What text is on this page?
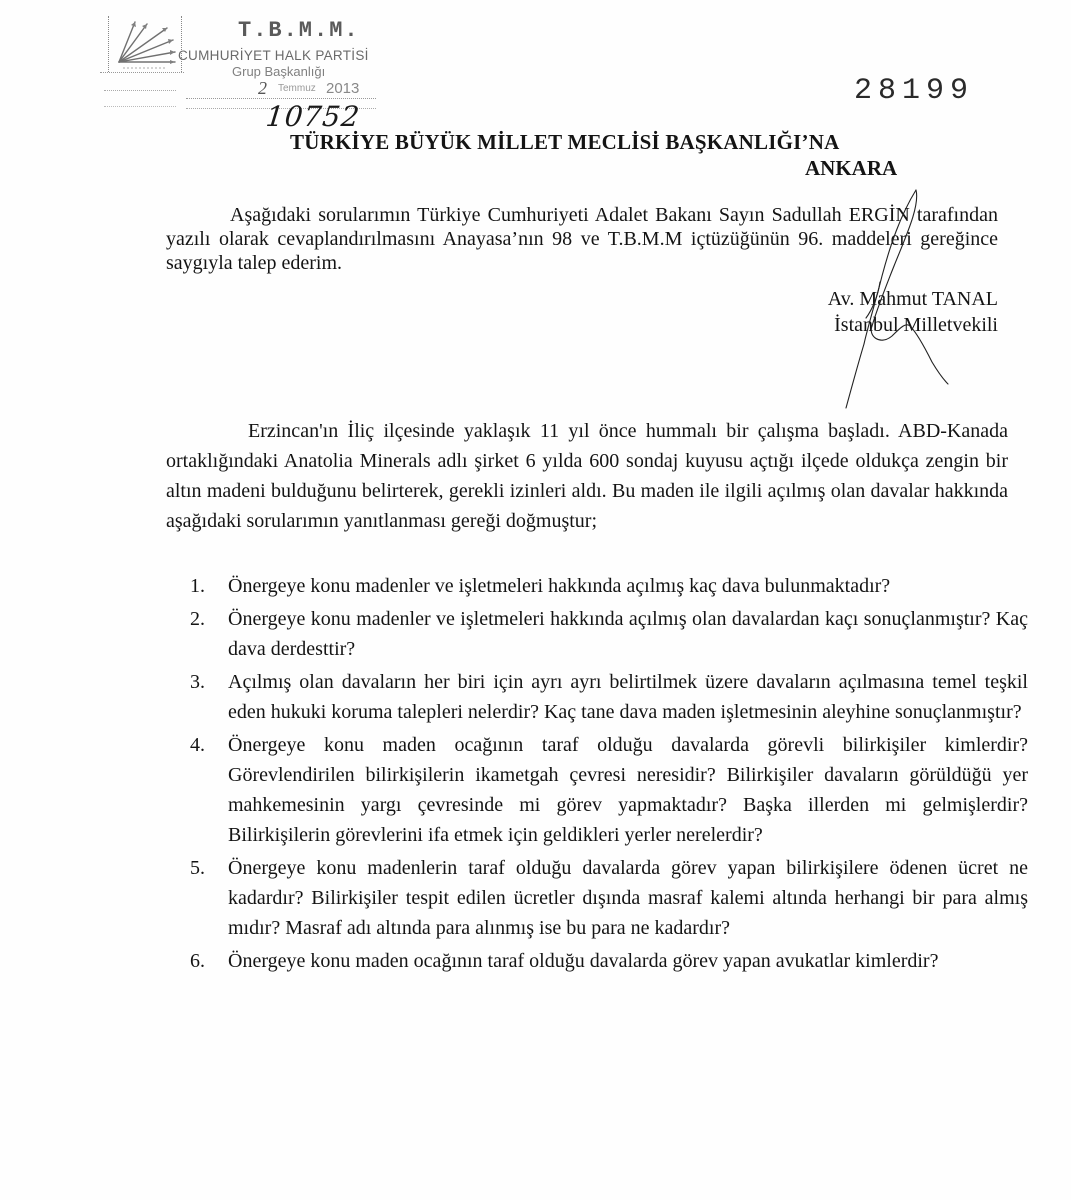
T.B.M.M.
CUMHURİYET HALK PARTİSİ
Grup Başkanlığı
2 Temmuz 2013
10752
28199
TÜRKİYE BÜYÜK MİLLET MECLİSİ BAŞKANLIĞI’NA
ANKARA

Aşağıdaki sorularımın Türkiye Cumhuriyeti Adalet Bakanı Sayın Sadullah ERGİN tarafından yazılı olarak cevaplandırılmasını Anayasa’nın 98 ve T.B.M.M içtüzüğünün 96. maddeleri gereğince saygıyla talep ederim.

Av. Mahmut TANAL
İstanbul Milletvekili

Erzincan'ın İliç ilçesinde yaklaşık 11 yıl önce hummalı bir çalışma başladı. ABD-Kanada ortaklığındaki Anatolia Minerals adlı şirket 6 yılda 600 sondaj kuyusu açtığı ilçede oldukça zengin bir altın madeni bulduğunu belirterek, gerekli izinleri aldı. Bu maden ile ilgili açılmış olan davalar hakkında aşağıdaki sorularımın yanıtlanması gereği doğmuştur;

1.	Önergeye konu madenler ve işletmeleri hakkında açılmış kaç dava bulunmaktadır?
2.	Önergeye konu madenler ve işletmeleri hakkında açılmış olan davalardan kaçı sonuçlanmıştır? Kaç dava derdesttir?
3.	Açılmış olan davaların her biri için ayrı ayrı belirtilmek üzere davaların açılmasına temel teşkil eden hukuki koruma talepleri nelerdir? Kaç tane dava maden işletmesinin aleyhine sonuçlanmıştır?
4.	Önergeye konu maden ocağının taraf olduğu davalarda görevli bilirkişiler kimlerdir? Görevlendirilen bilirkişilerin ikametgah çevresi neresidir? Bilirkişiler davaların görüldüğü yer mahkemesinin yargı çevresinde mi görev yapmaktadır? Başka illerden mi gelmişlerdir? Bilirkişilerin görevlerini ifa etmek için geldikleri yerler nerelerdir?
5.	Önergeye konu madenlerin taraf olduğu davalarda görev yapan bilirkişilere ödenen ücret ne kadardır? Bilirkişiler tespit edilen ücretler dışında masraf kalemi altında herhangi bir para almış mıdır? Masraf adı altında para alınmış ise bu para ne kadardır?
6.	Önergeye konu maden ocağının taraf olduğu davalarda görev yapan avukatlar kimlerdir?
